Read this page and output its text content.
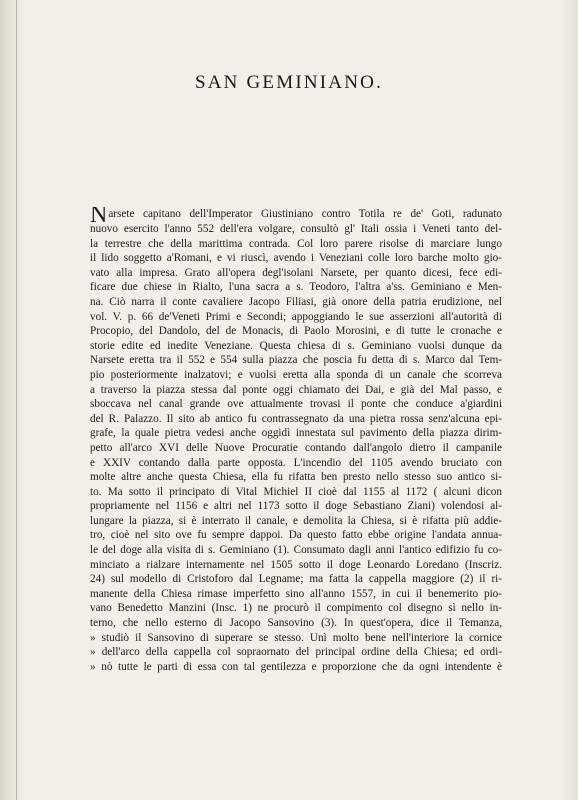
SAN GEMINIANO.
Narsete capitano dell'Imperator Giustiniano contro Totila re de' Goti, radunato
nuovo esercito l'anno 552 dell'era volgare, consultò gl' Itali ossia i Veneti tanto del-
la terrestre che della marittima contrada. Col loro parere risolse di marciare lungo
il lido soggetto a'Romani, e vi riuscì, avendo i Veneziani colle loro barche molto gio-
vato alla impresa. Grato all'opera degl'isolani Narsete, per quanto dicesi, fece edi-
ficare due chiese in Rialto, l'una sacra a s. Teodoro, l'altra a'ss. Geminiano e Men-
na. Ciò narra il conte cavaliere Jacopo Filiasi, già onore della patria erudizione, nel
vol. V. p. 66 de'Veneti Primi e Secondi; appoggiando le sue asserzioni all'autorità di
Procopio, del Dandolo, del de Monacis, di Paolo Morosini, e di tutte le cronache e
storie edite ed inedite Veneziane. Questa chiesa di s. Geminiano vuolsi dunque da
Narsete eretta tra il 552 e 554 sulla piazza che poscia fu detta di s. Marco dal Tem-
pio posteriormente inalzatovi; e vuolsi eretta alla sponda di un canale che scorreva
a traverso la piazza stessa dal ponte oggi chiamato dei Dai, e già del Mal passo, e
sboccava nel canal grande ove attualmente trovasi il ponte che conduce a'giardini
del R. Palazzo. Il sito ab antico fu contrassegnato da una pietra rossa senz'alcuna epi-
grafe, la quale pietra vedesi anche oggidì innestata sul pavimento della piazza dirim-
petto all'arco XVI delle Nuove Procuratie contando dall'angolo dietro il campanile
e XXIV contando dalla parte opposta. L'incendio del 1105 avendo bruciato con
molte altre anche questa Chiesa, ella fu rifatta ben presto nello stesso suo antico si-
to. Ma sotto il principato di Vital Michiel II cioè dal 1155 al 1172 ( alcuni dicon
propriamente nel 1156 e altri nel 1173 sotto il doge Sebastiano Ziani) volendosi al-
lungare la piazza, si è interrato il canale, e demolita la Chiesa, si è rifatta più addie-
tro, cioè nel sito ove fu sempre dappoi. Da questo fatto ebbe origine l'andata annua-
le del doge alla visita di s. Geminiano (1). Consumato dagli anni l'antico edifizio fu co-
minciato a rialzare internamente nel 1505 sotto il doge Leonardo Loredano (Inscriz.
24) sul modello di Cristoforo dal Legname; ma fatta la cappella maggiore (2) il ri-
manente della Chiesa rimase imperfetto sino all'anno 1557, in cui il benemerito pio-
vano Benedetto Manzini (Insc. 1) ne procurò il compimento col disegno sì nello in-
terno, che nello esterno di Jacopo Sansovino (3). In quest'opera, dice il Temanza,
» studiò il Sansovino di superare se stesso. Unì molto bene nell'interiore la cornice
» dell'arco della cappella col sopraornato del principal ordine della Chiesa; ed ordi-
» nò tutte le parti di essa con tal gentilezza e proporzione che da ogni intendente è
